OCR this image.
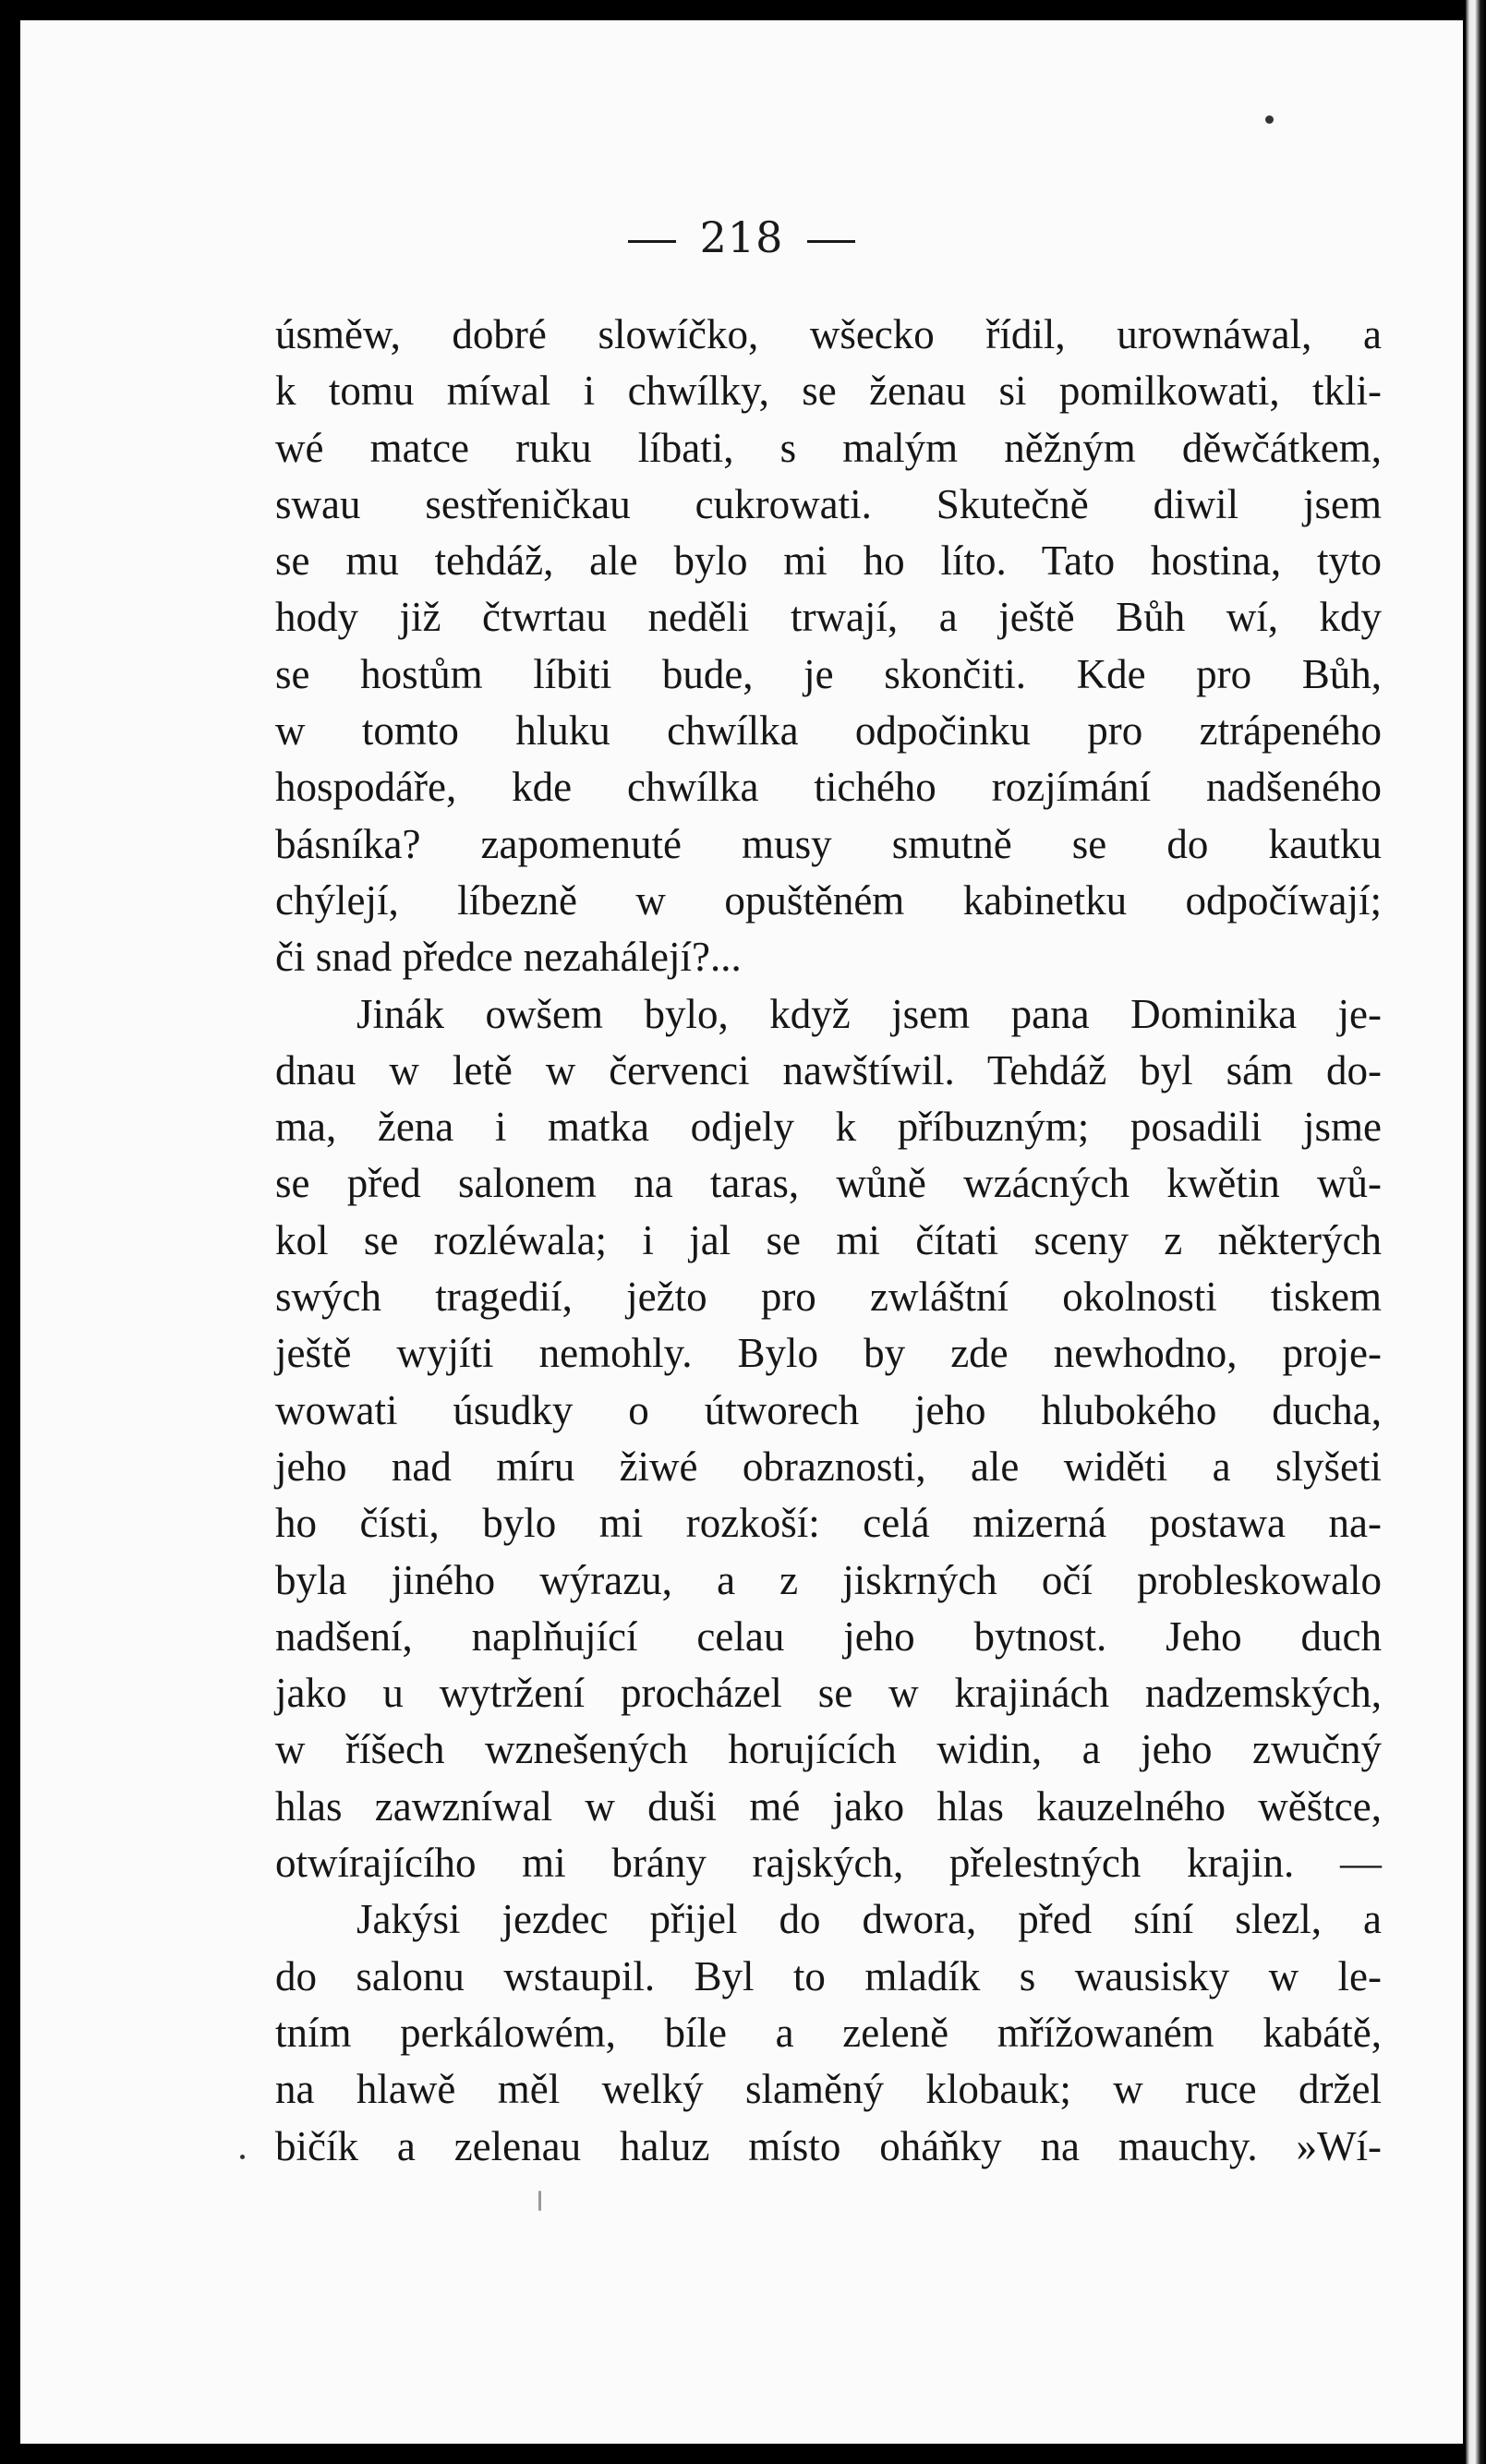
218
úsměw, dobré slowíčko, wšecko řídil, urownáwal, a
k tomu míwal i chwílky, se ženau si pomilkowati, tkli-
wé matce ruku líbati, s malým něžným děwčátkem,
swau sestřeničkau cukrowati. Skutečně diwil jsem
se mu tehdáž, ale bylo mi ho líto. Tato hostina, tyto
hody již čtwrtau neděli trwají, a ještě Bůh wí, kdy
se hostům líbiti bude, je skončiti. Kde pro Bůh,
w tomto hluku chwílka odpočinku pro ztrápeného
hospodáře, kde chwílka tichého rozjímání nadšeného
básníka? zapomenuté musy smutně se do kautku
chýlejí, líbezně w opuštěném kabinetku odpočíwají;
či snad předce nezahálejí?...
Jinák owšem bylo, když jsem pana Dominika je-
dnau w letě w červenci nawštíwil. Tehdáž byl sám do-
ma, žena i matka odjely k příbuzným; posadili jsme
se před salonem na taras, wůně wzácných kwětin wů-
kol se rozléwala; i jal se mi čítati sceny z některých
swých tragedií, ježto pro zwláštní okolnosti tiskem
ještě wyjíti nemohly. Bylo by zde newhodno, proje-
wowati úsudky o útworech jeho hlubokého ducha,
jeho nad míru žiwé obraznosti, ale widěti a slyšeti
ho čísti, bylo mi rozkoší: celá mizerná postawa na-
byla jiného wýrazu, a z jiskrných očí probleskowalo
nadšení, naplňující celau jeho bytnost. Jeho duch
jako u wytržení procházel se w krajinách nadzemských,
w říšech wznešených horujících widin, a jeho zwučný
hlas zawzníwal w duši mé jako hlas kauzelného wěštce,
otwírajícího mi brány rajských, přelestných krajin. —
Jakýsi jezdec přijel do dwora, před síní slezl, a
do salonu wstaupil. Byl to mladík s wausisky w le-
tním perkálowém, bíle a zeleně mřížowaném kabátě,
na hlawě měl welký slaměný klobauk; w ruce držel
bičík a zelenau haluz místo oháňky na mauchy. »Wí-
